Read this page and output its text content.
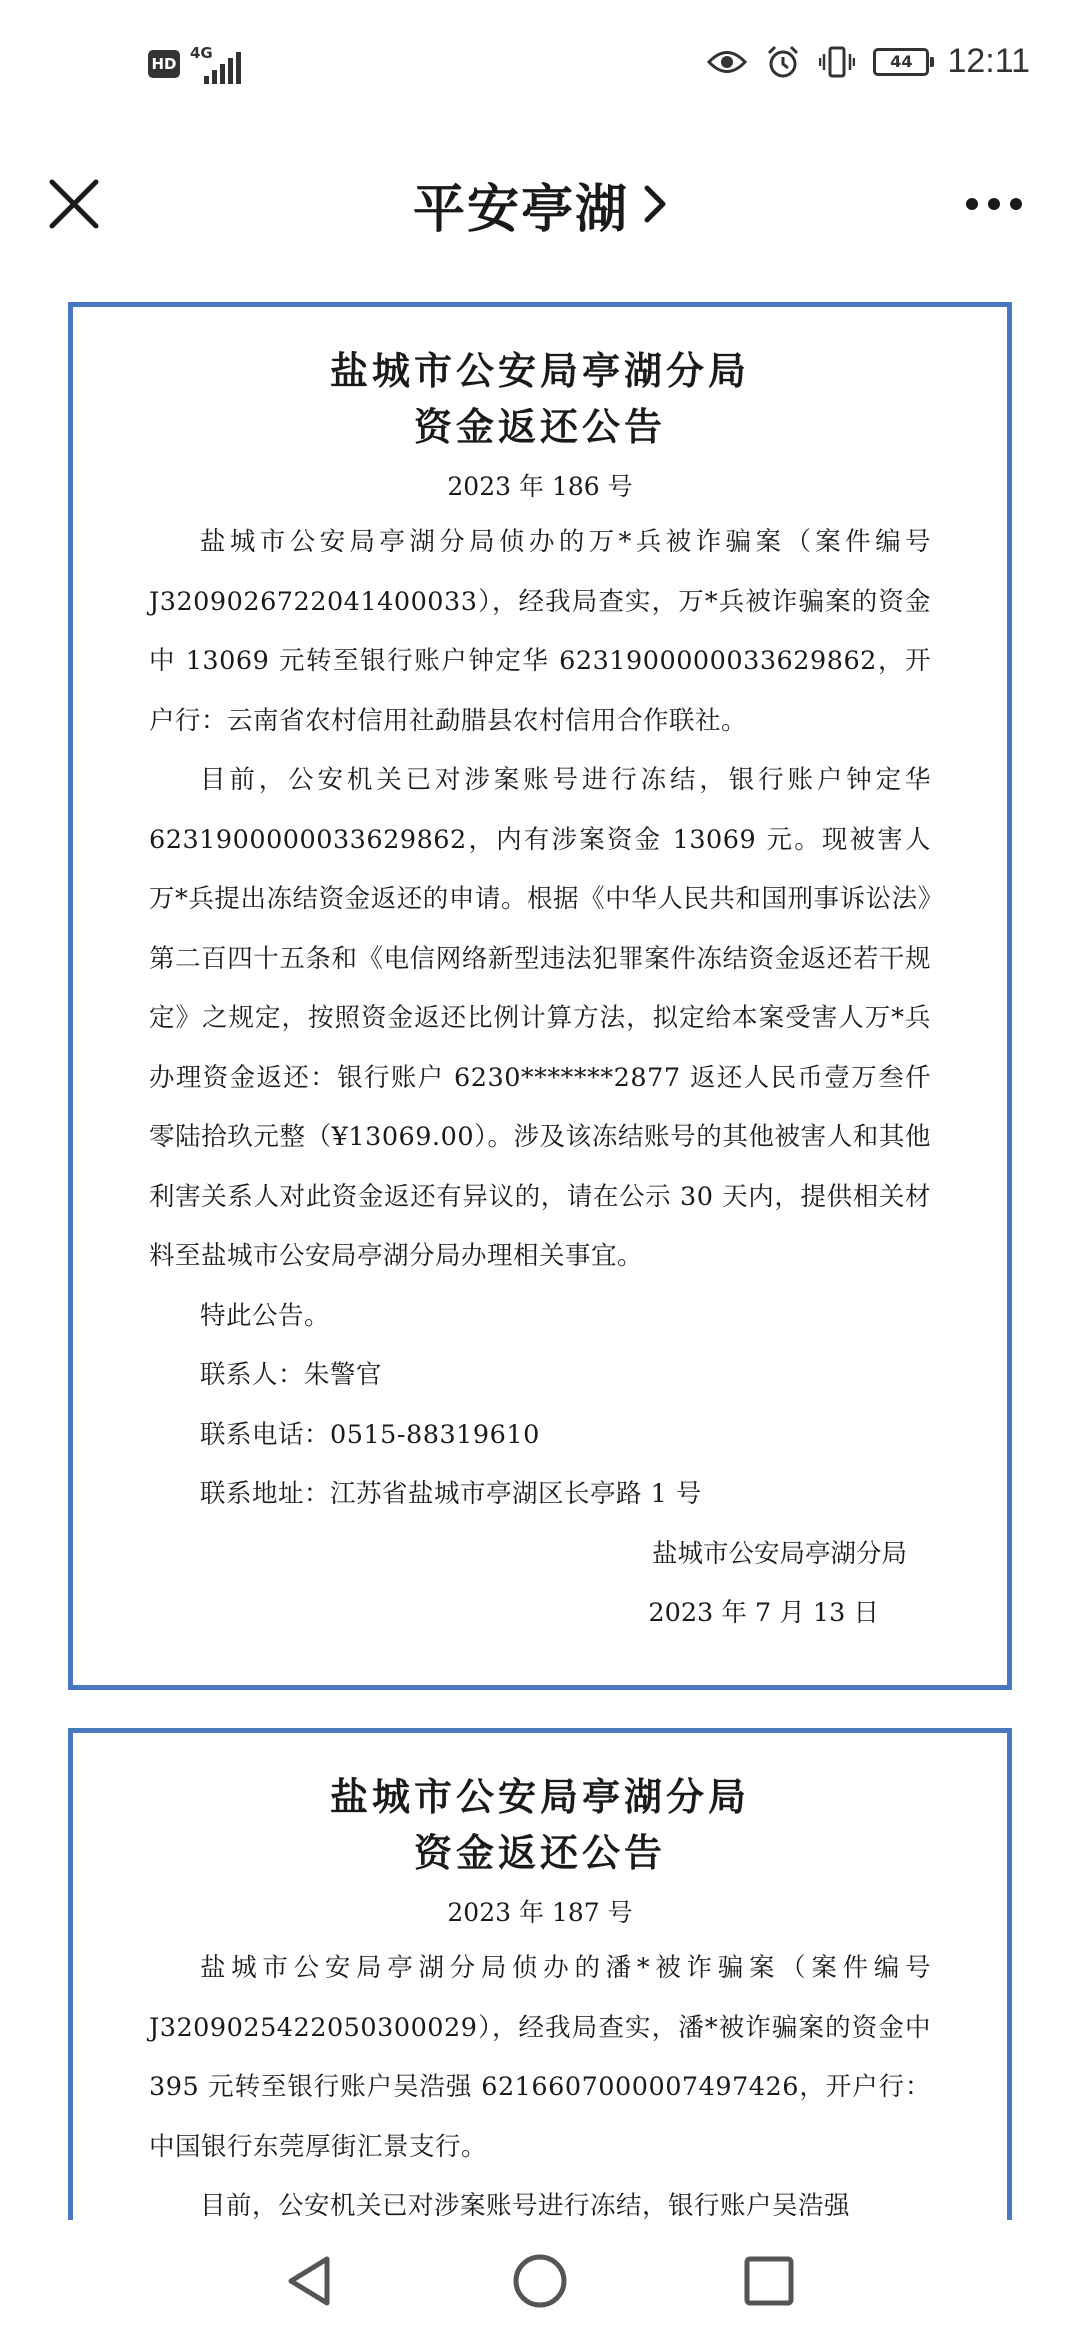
HD
4G	44	12:11
平安亭湖
盐城市公安局亭湖分局
资金返还公告
2023 年 186 号

盐城市公安局亭湖分局侦办的万*兵被诈骗案（案件编号J3209026722041400033），经我局查实，万*兵被诈骗案的资金中 13069 元转至银行账户钟定华 6231900000033629862，开户行：云南省农村信用社勐腊县农村信用合作联社。

目前，公安机关已对涉案账号进行冻结，银行账户钟定华6231900000033629862，内有涉案资金 13069 元。现被害人万*兵提出冻结资金返还的申请。根据《中华人民共和国刑事诉讼法》第二百四十五条和《电信网络新型违法犯罪案件冻结资金返还若干规定》之规定，按照资金返还比例计算方法，拟定给本案受害人万*兵办理资金返还：银行账户 6230*******2877 返还人民币壹万叁仟零陆拾玖元整（¥13069.00）。涉及该冻结账号的其他被害人和其他利害关系人对此资金返还有异议的，请在公示 30 天内，提供相关材料至盐城市公安局亭湖分局办理相关事宜。

特此公告。

联系人：朱警官

联系电话：0515-88319610

联系地址：江苏省盐城市亭湖区长亭路 1 号

盐城市公安局亭湖分局
2023 年 7 月 13 日
盐城市公安局亭湖分局
资金返还公告
2023 年 187 号

盐城市公安局亭湖分局侦办的潘*被诈骗案（案件编号J3209025422050300029），经我局查实，潘*被诈骗案的资金中395 元转至银行账户吴浩强 6216607000007497426，开户行：中国银行东莞厚街汇景支行。

目前，公安机关已对涉案账号进行冻结，银行账户吴浩强
